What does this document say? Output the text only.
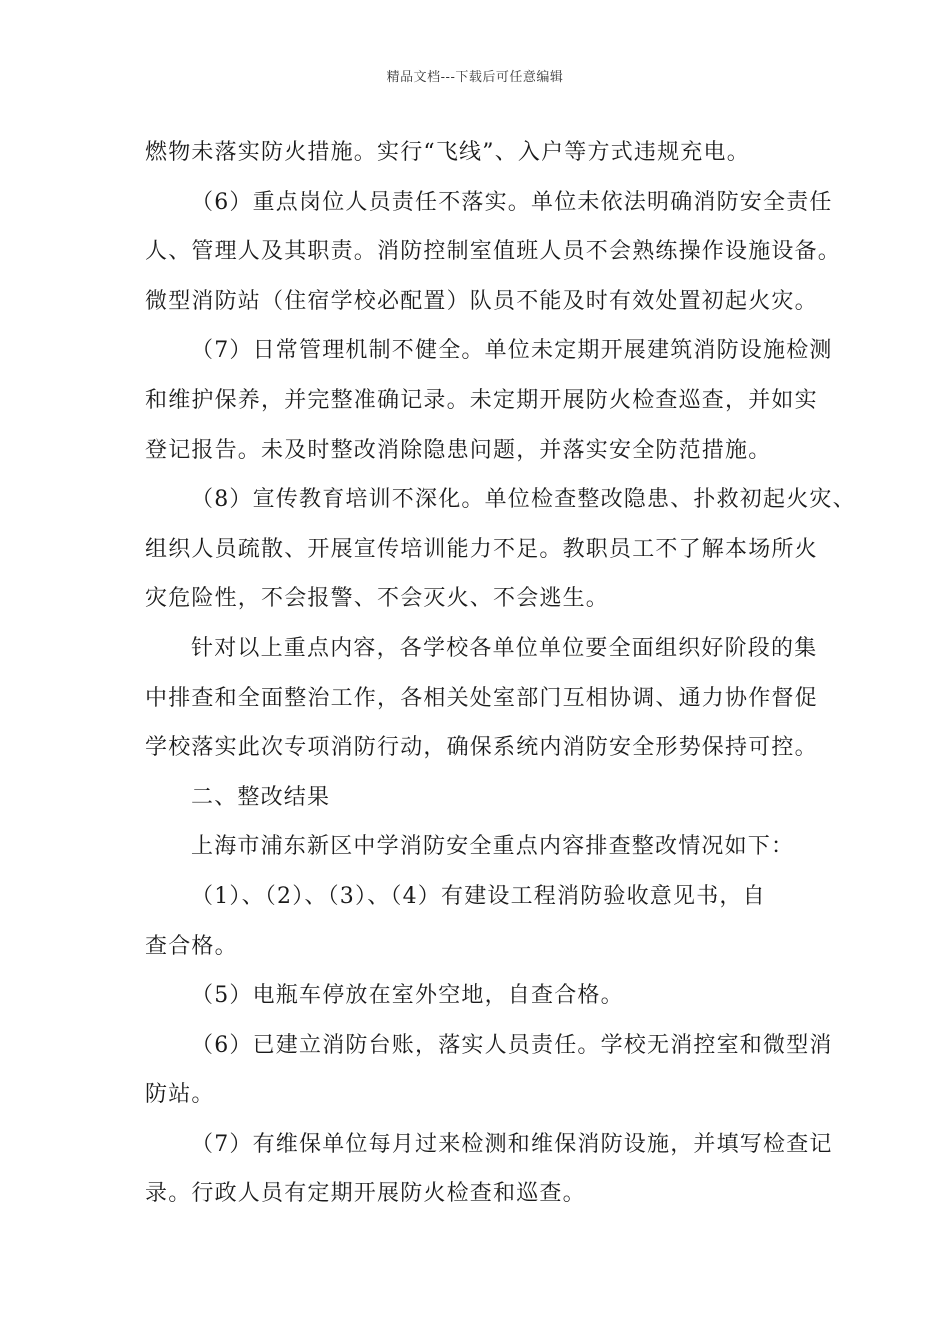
精品文档---下载后可任意编辑
燃物未落实防火措施。实行“飞线”、入户等方式违规充电。
（6）重点岗位人员责任不落实。单位未依法明确消防安全责任
人、管理人及其职责。消防控制室值班人员不会熟练操作设施设备。
微型消防站（住宿学校必配置）队员不能及时有效处置初起火灾。
（7）日常管理机制不健全。单位未定期开展建筑消防设施检测
和维护保养，并完整准确记录。未定期开展防火检查巡查，并如实
登记报告。未及时整改消除隐患问题，并落实安全防范措施。
（8）宣传教育培训不深化。单位检查整改隐患、扑救初起火灾、
组织人员疏散、开展宣传培训能力不足。教职员工不了解本场所火
灾危险性，不会报警、不会灭火、不会逃生。
针对以上重点内容，各学校各单位单位要全面组织好阶段的集
中排查和全面整治工作，各相关处室部门互相协调、通力协作督促
学校落实此次专项消防行动，确保系统内消防安全形势保持可控。
二、整改结果
上海市浦东新区中学消防安全重点内容排查整改情况如下：
（1）、（2）、（3）、（4）有建设工程消防验收意见书，自
查合格。
（5）电瓶车停放在室外空地，自查合格。
（6）已建立消防台账，落实人员责任。学校无消控室和微型消
防站。
（7）有维保单位每月过来检测和维保消防设施，并填写检查记
录。行政人员有定期开展防火检查和巡查。
